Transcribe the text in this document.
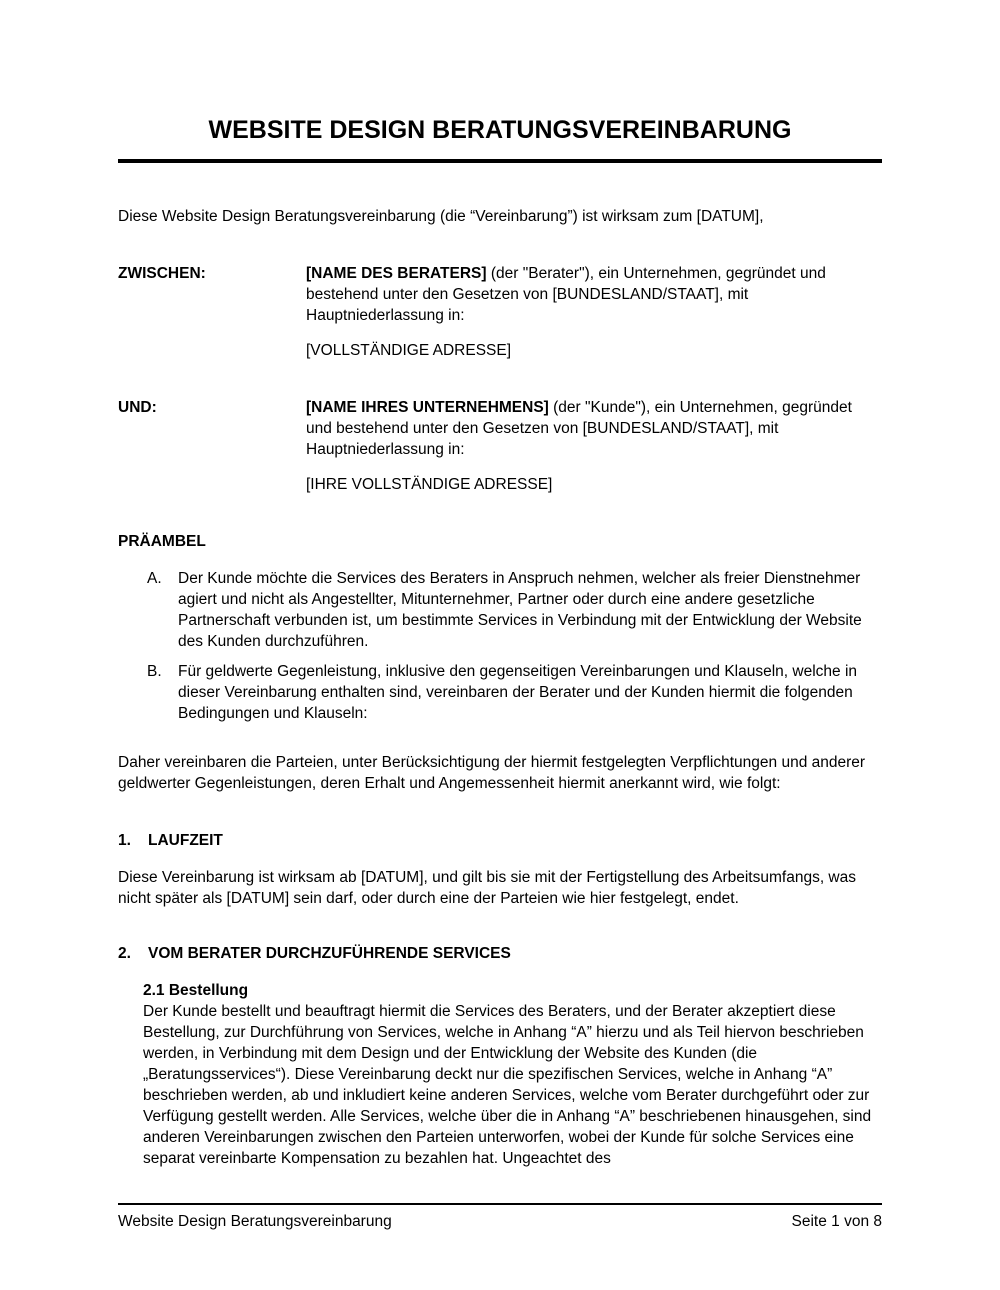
WEBSITE DESIGN BERATUNGSVEREINBARUNG

Diese Website Design Beratungsvereinbarung (die “Vereinbarung”) ist wirksam zum [DATUM],

ZWISCHEN:	[NAME DES BERATERS] (der "Berater"), ein Unternehmen, gegründet und bestehend unter den Gesetzen von [BUNDESLAND/STAAT], mit Hauptniederlassung in:
[VOLLSTÄNDIGE ADRESSE]
UND:	[NAME IHRES UNTERNEHMENS] (der "Kunde"), ein Unternehmen, gegründet und bestehend unter den Gesetzen von [BUNDESLAND/STAAT], mit Hauptniederlassung in:
[IHRE VOLLSTÄNDIGE ADRESSE]
PRÄAMBEL
A.	Der Kunde möchte die Services des Beraters in Anspruch nehmen, welcher als freier Dienstnehmer agiert und nicht als Angestellter, Mitunternehmer, Partner oder durch eine andere gesetzliche Partnerschaft verbunden ist, um bestimmte Services in Verbindung mit der Entwicklung der Website des Kunden durchzuführen.
B.	Für geldwerte Gegenleistung, inklusive den gegenseitigen Vereinbarungen und Klauseln, welche in dieser Vereinbarung enthalten sind, vereinbaren der Berater und der Kunden hiermit die folgenden Bedingungen und Klauseln:

Daher vereinbaren die Parteien, unter Berücksichtigung der hiermit festgelegten Verpflichtungen und anderer geldwerter Gegenleistungen, deren Erhalt und Angemessenheit hiermit anerkannt wird, wie folgt:

1.	LAUFZEIT

Diese Vereinbarung ist wirksam ab [DATUM], und gilt bis sie mit der Fertigstellung des Arbeitsumfangs, was nicht später als [DATUM] sein darf, oder durch eine der Parteien wie hier festgelegt, endet.

2.	VOM BERATER DURCHZUFÜHRENDE SERVICES
2.1 Bestellung
Der Kunde bestellt und beauftragt hiermit die Services des Beraters, und der Berater akzeptiert diese Bestellung, zur Durchführung von Services, welche in Anhang “A” hierzu und als Teil hiervon beschrieben werden, in Verbindung mit dem Design und der Entwicklung der Website des Kunden (die „Beratungsservices“). Diese Vereinbarung deckt nur die spezifischen Services, welche in Anhang “A” beschrieben werden, ab und inkludiert keine anderen Services, welche vom Berater durchgeführt oder zur Verfügung gestellt werden. Alle Services, welche über die in Anhang “A” beschriebenen hinausgehen, sind anderen Vereinbarungen zwischen den Parteien unterworfen, wobei der Kunde für solche Services eine separat vereinbarte Kompensation zu bezahlen hat. Ungeachtet des
Website Design Beratungsvereinbarung	Seite 1 von 8
